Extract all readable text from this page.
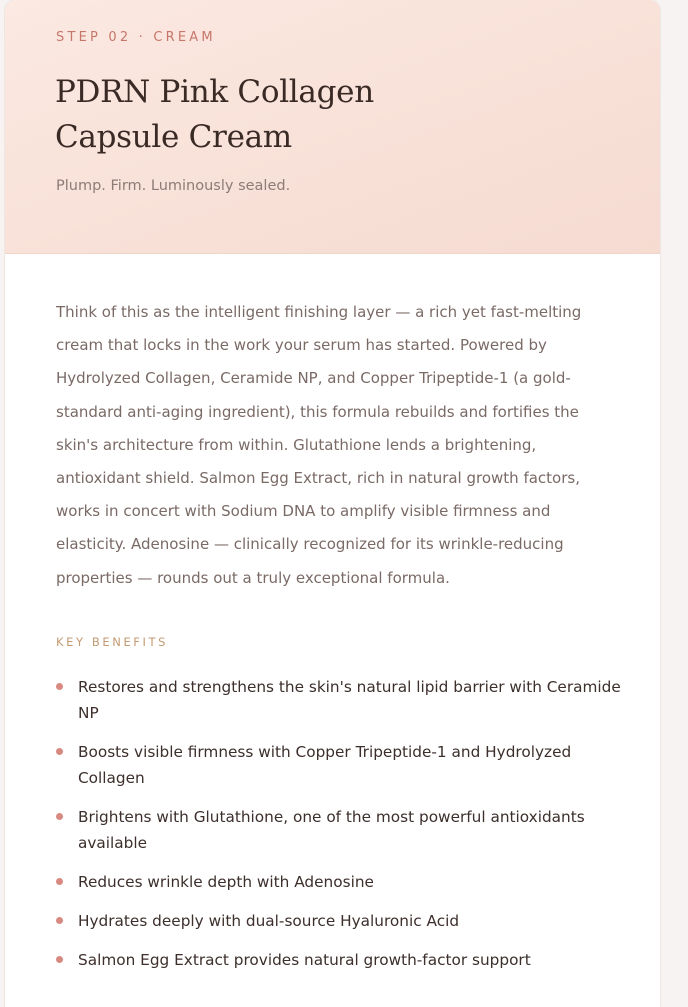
STEP 02 · CREAM
PDRN Pink Collagen
Capsule Cream
Plump. Firm. Luminously sealed.

Think of this as the intelligent finishing layer — a rich yet fast-melting cream that locks in the work your serum has started. Powered by Hydrolyzed Collagen, Ceramide NP, and Copper Tripeptide-1 (a gold-standard anti-aging ingredient), this formula rebuilds and fortifies the skin's architecture from within. Glutathione lends a brightening, antioxidant shield. Salmon Egg Extract, rich in natural growth factors, works in concert with Sodium DNA to amplify visible firmness and elasticity. Adenosine — clinically recognized for its wrinkle-reducing properties — rounds out a truly exceptional formula.

KEY BENEFITS
Restores and strengthens the skin's natural lipid barrier with Ceramide NP
Boosts visible firmness with Copper Tripeptide-1 and Hydrolyzed Collagen
Brightens with Glutathione, one of the most powerful antioxidants available
Reduces wrinkle depth with Adenosine
Hydrates deeply with dual-source Hyaluronic Acid
Salmon Egg Extract provides natural growth-factor support
